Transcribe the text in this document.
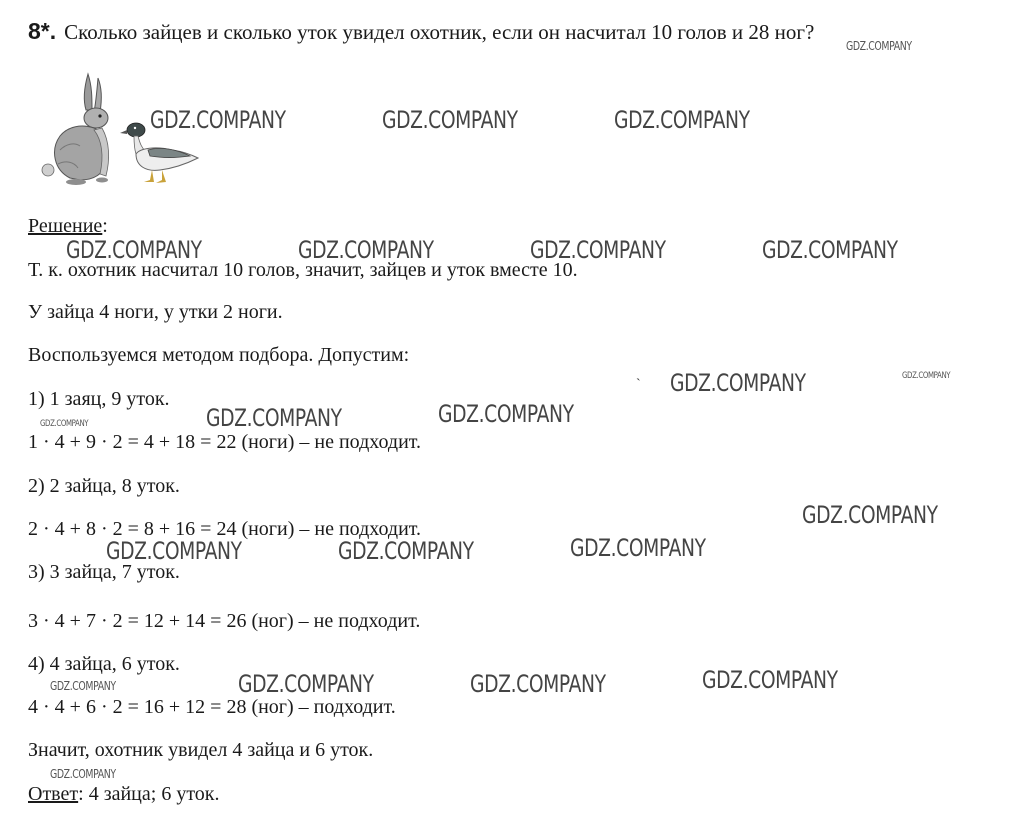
8*. Сколько зайцев и сколько уток увидел охотник, если он насчитал 10 голов и 28 ног?
Решение:
Т. к. охотник насчитал 10 голов, значит, зайцев и уток вместе 10.
У зайца 4 ноги, у утки 2 ноги.
Воспользуемся методом подбора. Допустим:
1) 1 заяц, 9 уток.
1 · 4 + 9 · 2 = 4 + 18 = 22 (ноги) – не подходит.
2) 2 зайца, 8 уток.
2 · 4 + 8 · 2 = 8 + 16 = 24 (ноги) – не подходит.
3) 3 зайца, 7 уток.
3 · 4 + 7 · 2 = 12 + 14 = 26 (ног) – не подходит.
4) 4 зайца, 6 уток.
4 · 4 + 6 · 2 = 16 + 12 = 28 (ног) – подходит.
Значит, охотник увидел 4 зайца и 6 уток.
Ответ: 4 зайца; 6 уток.
`
GDZ.COMPANY
GDZ.COMPANY	GDZ.COMPANY	GDZ.COMPANY
GDZ.COMPANY	GDZ.COMPANY	GDZ.COMPANY	GDZ.COMPANY
GDZ.COMPANY	GDZ.COMPANY
GDZ.COMPANY	GDZ.COMPANY
GDZ.COMPANY
GDZ.COMPANY
GDZ.COMPANY	GDZ.COMPANY	GDZ.COMPANY
GDZ.COMPANY
GDZ.COMPANY	GDZ.COMPANY
GDZ.COMPANY
GDZ.COMPANY
